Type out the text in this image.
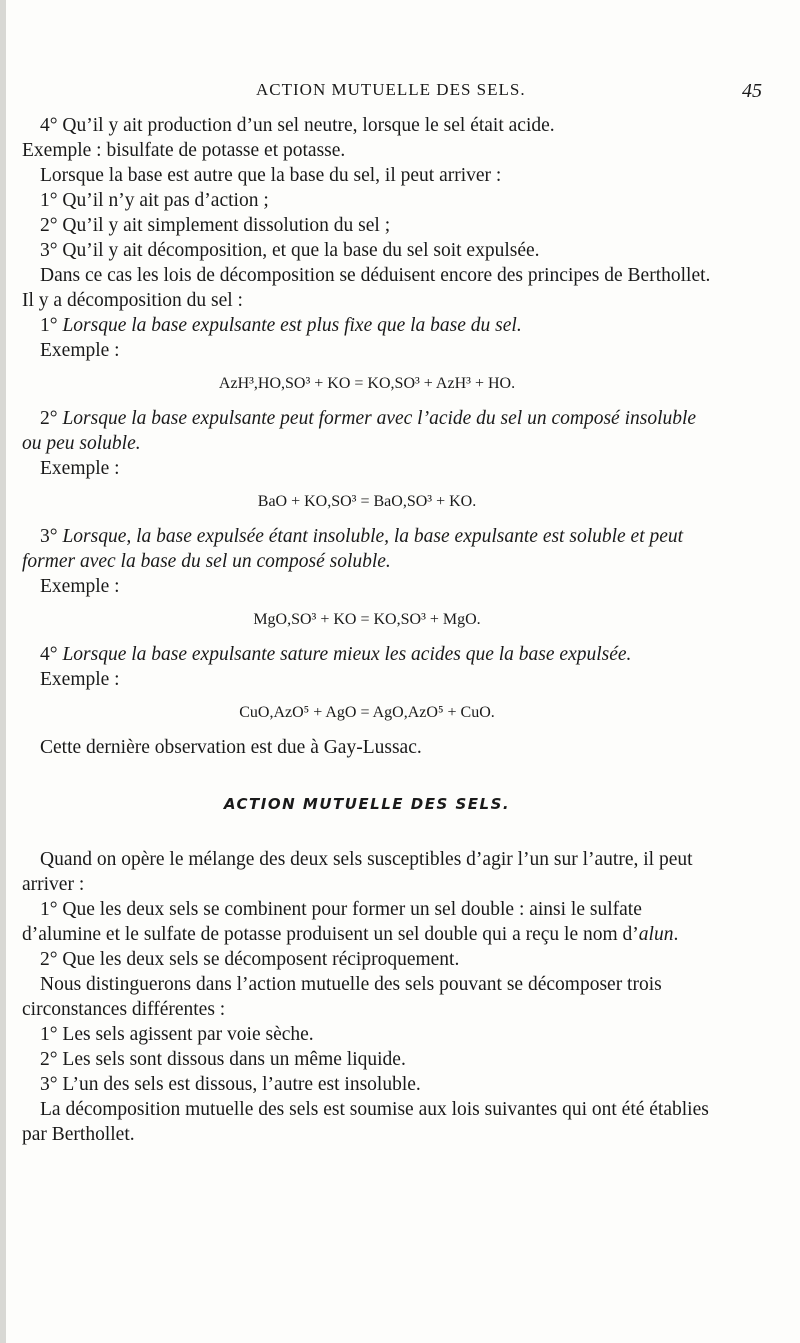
ACTION MUTUELLE DES SELS.	45

4° Qu’il y ait production d’un sel neutre, lorsque le sel était acide.

Exemple : bisulfate de potasse et potasse.

Lorsque la base est autre que la base du sel, il peut arriver :

1° Qu’il n’y ait pas d’action ;

2° Qu’il y ait simplement dissolution du sel ;

3° Qu’il y ait décomposition, et que la base du sel soit expulsée.

Dans ce cas les lois de décomposition se déduisent encore des principes de Berthollet. Il y a décomposition du sel :

1° Lorsque la base expulsante est plus fixe que la base du sel.

Exemple :

AzH³,HO,SO³ + KO = KO,SO³ + AzH³ + HO.

2° Lorsque la base expulsante peut former avec l’acide du sel un composé insoluble ou peu soluble.

Exemple :

BaO + KO,SO³ = BaO,SO³ + KO.

3° Lorsque, la base expulsée étant insoluble, la base expulsante est soluble et peut former avec la base du sel un composé soluble.

Exemple :

MgO,SO³ + KO = KO,SO³ + MgO.

4° Lorsque la base expulsante sature mieux les acides que la base expulsée.

Exemple :

CuO,AzO⁵ + AgO = AgO,AzO⁵ + CuO.

Cette dernière observation est due à Gay-Lussac.

ACTION MUTUELLE DES SELS.

Quand on opère le mélange des deux sels susceptibles d’agir l’un sur l’autre, il peut arriver :

1° Que les deux sels se combinent pour former un sel double : ainsi le sulfate d’alumine et le sulfate de potasse produisent un sel double qui a reçu le nom d’alun.

2° Que les deux sels se décomposent réciproquement.

Nous distinguerons dans l’action mutuelle des sels pouvant se décomposer trois circonstances différentes :

1° Les sels agissent par voie sèche.

2° Les sels sont dissous dans un même liquide.

3° L’un des sels est dissous, l’autre est insoluble.

La décomposition mutuelle des sels est soumise aux lois suivantes qui ont été établies par Berthollet.
